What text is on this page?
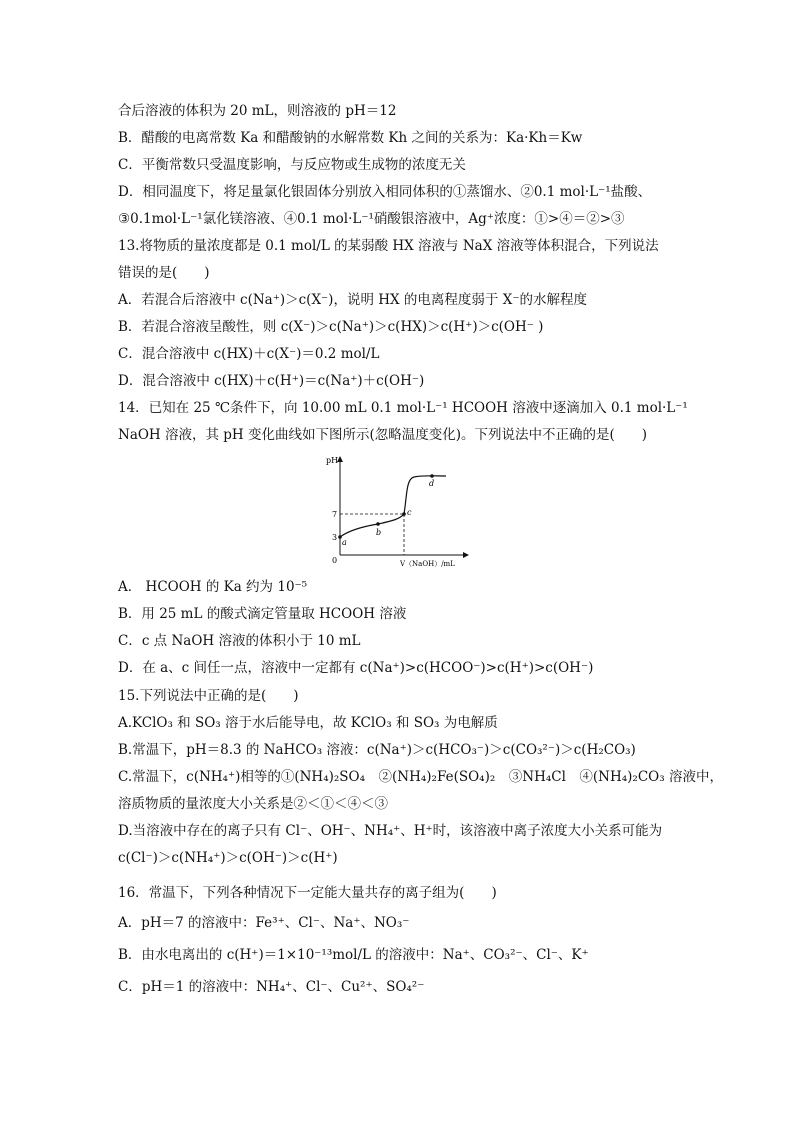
合后溶液的体积为 20 mL，则溶液的 pH＝12
B．醋酸的电离常数 Ka 和醋酸钠的水解常数 Kh 之间的关系为：Ka·Kh＝Kw
C．平衡常数只受温度影响，与反应物或生成物的浓度无关
D．相同温度下，将足量氯化银固体分别放入相同体积的①蒸馏水、②0.1 mol·L⁻¹盐酸、
③0.1mol·L⁻¹氯化镁溶液、④0.1 mol·L⁻¹硝酸银溶液中，Ag⁺浓度：①>④＝②>③
13.将物质的量浓度都是 0.1 mol/L 的某弱酸 HX 溶液与 NaX 溶液等体积混合，下列说法
错误的是(　　)
A．若混合后溶液中 c(Na⁺)＞c(X⁻)，说明 HX 的电离程度弱于 X⁻的水解程度
B．若混合溶液呈酸性，则 c(X⁻)＞c(Na⁺)＞c(HX)＞c(H⁺)＞c(OH⁻ )
C．混合溶液中 c(HX)＋c(X⁻)＝0.2 mol/L
D．混合溶液中 c(HX)＋c(H⁺)＝c(Na⁺)＋c(OH⁻)
14．已知在 25 ℃条件下，向 10.00 mL 0.1 mol·L⁻¹ HCOOH 溶液中逐滴加入 0.1 mol·L⁻¹
NaOH 溶液，其 pH 变化曲线如下图所示(忽略温度变化)。下列说法中不正确的是(　　)
pH
0
7
3
V（NaOH）/mL
a
b
c
d
A． HCOOH 的 Ka 约为 10⁻⁵
B．用 25 mL 的酸式滴定管量取 HCOOH 溶液
C．c 点 NaOH 溶液的体积小于 10 mL
D．在 a、c 间任一点，溶液中一定都有 c(Na⁺)>c(HCOO⁻)>c(H⁺)>c(OH⁻)
15.下列说法中正确的是(　　)
A.KClO₃ 和 SO₃ 溶于水后能导电，故 KClO₃ 和 SO₃ 为电解质
B.常温下，pH＝8.3 的 NaHCO₃ 溶液：c(Na⁺)＞c(HCO₃⁻)＞c(CO₃²⁻)＞c(H₂CO₃)
C.常温下，c(NH₄⁺)相等的①(NH₄)₂SO₄　②(NH₄)₂Fe(SO₄)₂　③NH₄Cl　④(NH₄)₂CO₃ 溶液中，
溶质物质的量浓度大小关系是②＜①＜④＜③
D.当溶液中存在的离子只有 Cl⁻、OH⁻、NH₄⁺、H⁺时，该溶液中离子浓度大小关系可能为
c(Cl⁻)＞c(NH₄⁺)＞c(OH⁻)＞c(H⁺)
16．常温下，下列各种情况下一定能大量共存的离子组为(　　)
A．pH＝7 的溶液中：Fe³⁺、Cl⁻、Na⁺、NO₃⁻
B．由水电离出的 c(H⁺)＝1×10⁻¹³mol/L 的溶液中：Na⁺、CO₃²⁻、Cl⁻、K⁺
C．pH＝1 的溶液中：NH₄⁺、Cl⁻、Cu²⁺、SO₄²⁻
